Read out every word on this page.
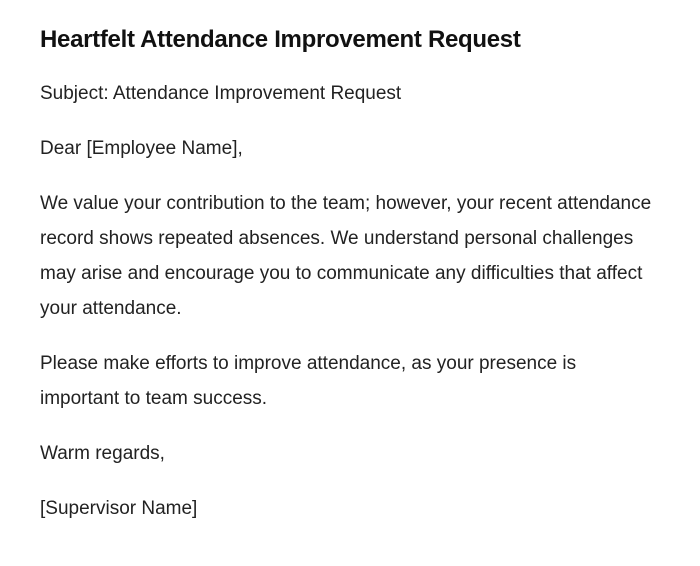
Heartfelt Attendance Improvement Request

Subject: Attendance Improvement Request

Dear [Employee Name],

We value your contribution to the team; however, your recent attendance record shows repeated absences. We understand personal challenges may arise and encourage you to communicate any difficulties that affect your attendance.

Please make efforts to improve attendance, as your presence is important to team success.

Warm regards,

[Supervisor Name]
